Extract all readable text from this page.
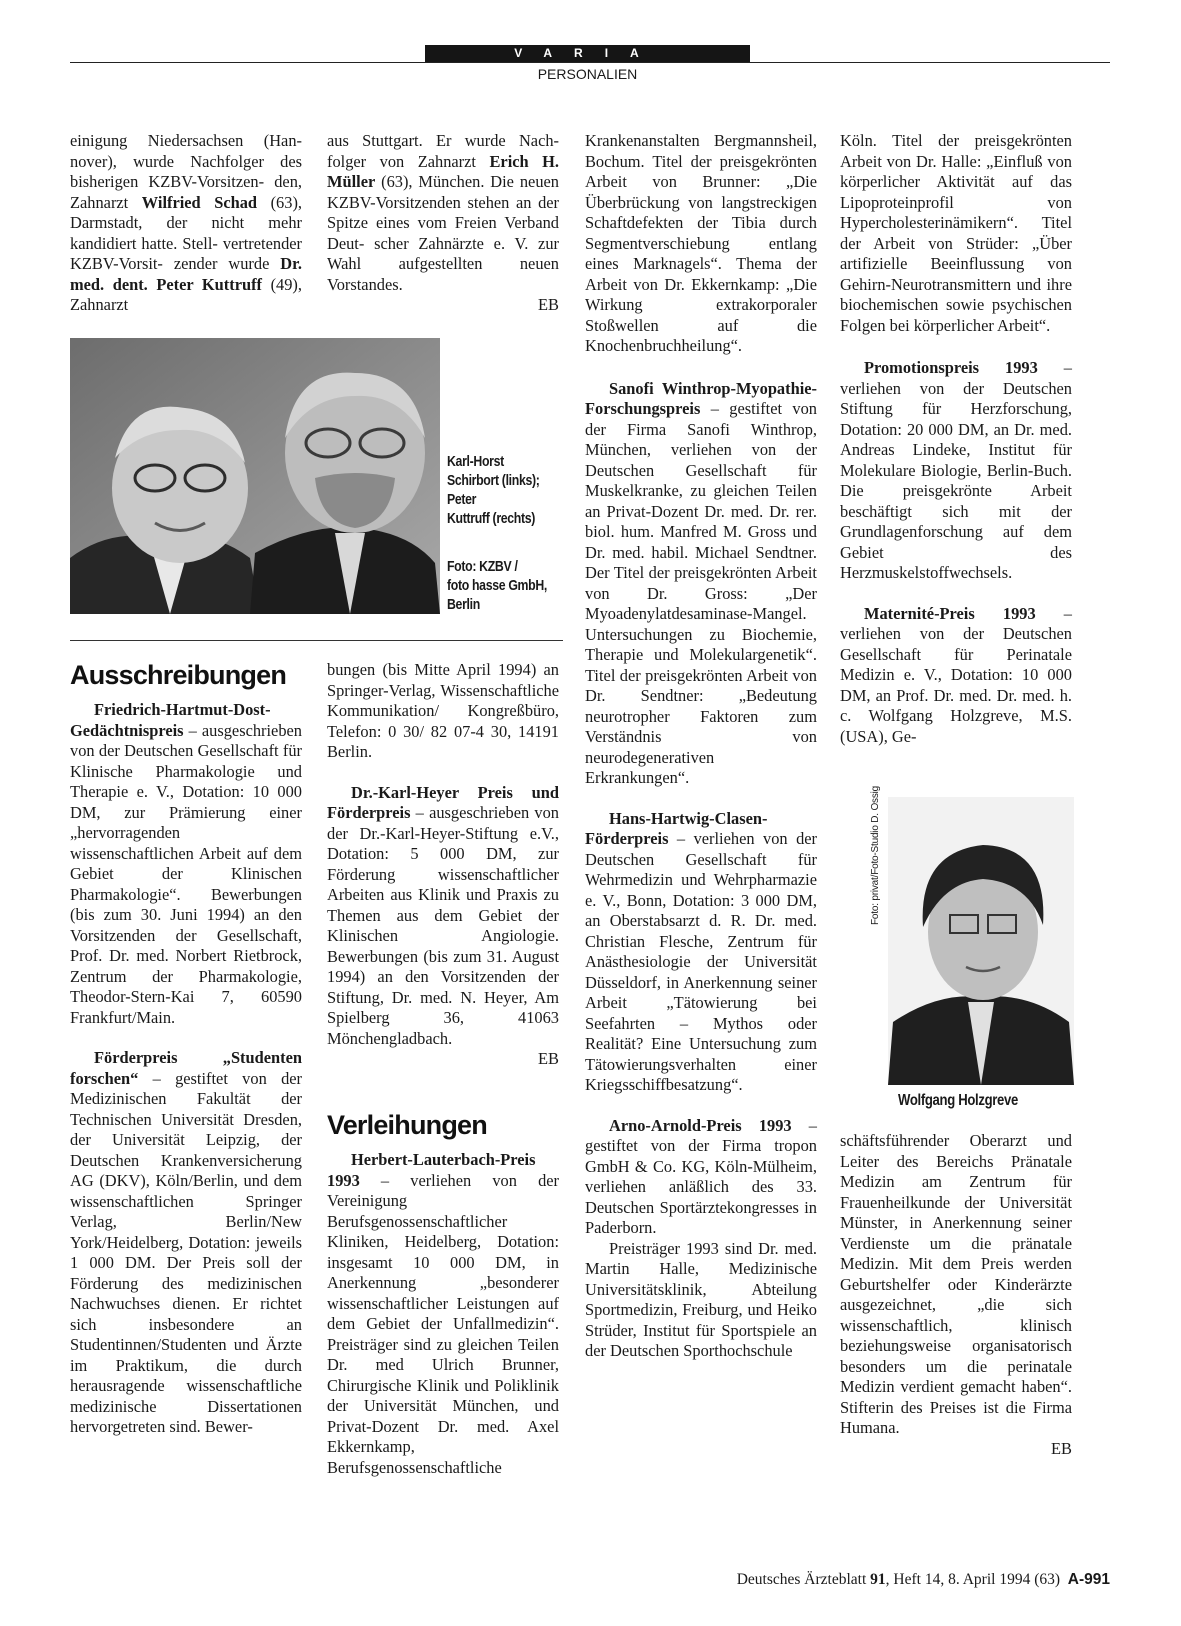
VARIA
PERSONALIEN

einigung Niedersachsen (Han- nover), wurde Nachfolger des bisherigen KZBV-Vorsitzen- den, Zahnarzt Wilfried Schad (63), Darmstadt, der nicht mehr kandidiert hatte. Stell- vertretender KZBV-Vorsit- zender wurde Dr. med. dent. Peter Kuttruff (49), Zahnarzt

aus Stuttgart. Er wurde Nach- folger von Zahnarzt Erich H. Müller (63), München. Die neuen KZBV-Vorsitzenden stehen an der Spitze eines vom Freien Verband Deut- scher Zahnärzte e. V. zur Wahl aufgestellten neuen Vorstandes.

EB

Karl-Horst
Schirbort (links);
Peter
Kuttruff (rechts)
Foto: KZBV /
foto hasse GmbH,
Berlin
Ausschreibungen

Friedrich-Hartmut-Dost-Gedächtnispreis – ausgeschrieben von der Deutschen Gesellschaft für Klinische Pharmakologie und Therapie e. V., Dotation: 10 000 DM, zur Prämierung einer „hervorragenden wissenschaftlichen Arbeit auf dem Gebiet der Klinischen Pharmakologie“. Bewerbungen (bis zum 30. Juni 1994) an den Vorsitzenden der Gesellschaft, Prof. Dr. med. Norbert Rietbrock, Zentrum der Pharmakologie, Theodor-Stern-Kai 7, 60590 Frankfurt/Main.

Förderpreis „Studenten forschen“ – gestiftet von der Medizinischen Fakultät der Technischen Universität Dresden, der Universität Leipzig, der Deutschen Krankenversicherung AG (DKV), Köln/Berlin, und dem wissenschaftlichen Springer Verlag, Berlin/New York/Heidelberg, Dotation: jeweils 1 000 DM. Der Preis soll der Förderung des medizinischen Nachwuchses dienen. Er richtet sich insbesondere an Studentinnen/Studenten und Ärzte im Praktikum, die durch herausragende wissenschaftliche medizinische Dissertationen hervorgetreten sind. Bewer-

bungen (bis Mitte April 1994) an Springer-Verlag, Wissenschaftliche Kommunikation/ Kongreßbüro, Telefon: 0 30/ 82 07-4 30, 14191 Berlin.

Dr.-Karl-Heyer Preis und Förderpreis – ausgeschrieben von der Dr.-Karl-Heyer-Stiftung e.V., Dotation: 5 000 DM, zur Förderung wissenschaftlicher Arbeiten aus Klinik und Praxis zu Themen aus dem Gebiet der Klinischen Angiologie. Bewerbungen (bis zum 31. August 1994) an den Vorsitzenden der Stiftung, Dr. med. N. Heyer, Am Spielberg 36, 41063 Mönchengladbach.

EB

Verleihungen

Herbert-Lauterbach-Preis 1993 – verliehen von der Vereinigung Berufsgenossenschaftlicher Kliniken, Heidelberg, Dotation: insgesamt 10 000 DM, in Anerkennung „besonderer wissenschaftlicher Leistungen auf dem Gebiet der Unfallmedizin“. Preisträger sind zu gleichen Teilen Dr. med Ulrich Brunner, Chirurgische Klinik und Poliklinik der Universität München, und Privat-Dozent Dr. med. Axel Ekkernkamp, Berufsgenossenschaftliche

Krankenanstalten Bergmannsheil, Bochum. Titel der preisgekrönten Arbeit von Brunner: „Die Überbrückung von langstreckigen Schaftdefekten der Tibia durch Segmentverschiebung entlang eines Marknagels“. Thema der Arbeit von Dr. Ekkernkamp: „Die Wirkung extrakorporaler Stoßwellen auf die Knochenbruchheilung“.

Sanofi Winthrop-Myopathie-Forschungspreis – gestiftet von der Firma Sanofi Winthrop, München, verliehen von der Deutschen Gesellschaft für Muskelkranke, zu gleichen Teilen an Privat-Dozent Dr. med. Dr. rer. biol. hum. Manfred M. Gross und Dr. med. habil. Michael Sendtner. Der Titel der preisgekrönten Arbeit von Dr. Gross: „Der Myoadenylatdesaminase-Mangel. Untersuchungen zu Biochemie, Therapie und Molekulargenetik“. Titel der preisgekrönten Arbeit von Dr. Sendtner: „Bedeutung neurotropher Faktoren zum Verständnis von neurodegenerativen Erkrankungen“.

Hans-Hartwig-Clasen-Förderpreis – verliehen von der Deutschen Gesellschaft für Wehrmedizin und Wehrpharmazie e. V., Bonn, Dotation: 3 000 DM, an Oberstabsarzt d. R. Dr. med. Christian Flesche, Zentrum für Anästhesiologie der Universität Düsseldorf, in Anerkennung seiner Arbeit „Tätowierung bei Seefahrten – Mythos oder Realität? Eine Untersuchung zum Tätowierungsverhalten einer Kriegsschiffbesatzung“.

Arno-Arnold-Preis 1993 – gestiftet von der Firma tropon GmbH & Co. KG, Köln-Mülheim, verliehen anläßlich des 33. Deutschen Sportärztekongresses in Paderborn.

Preisträger 1993 sind Dr. med. Martin Halle, Medizinische Universitätsklinik, Abteilung Sportmedizin, Freiburg, und Heiko Strüder, Institut für Sportspiele an der Deutschen Sporthochschule

Köln. Titel der preisgekrönten Arbeit von Dr. Halle: „Einfluß von körperlicher Aktivität auf das Lipoproteinprofil von Hypercholesterinämikern“. Titel der Arbeit von Strüder: „Über artifizielle Beeinflussung von Gehirn-Neurotransmittern und ihre biochemischen sowie psychischen Folgen bei körperlicher Arbeit“.

Promotionspreis 1993 – verliehen von der Deutschen Stiftung für Herzforschung, Dotation: 20 000 DM, an Dr. med. Andreas Lindeke, Institut für Molekulare Biologie, Berlin-Buch. Die preisgekrönte Arbeit beschäftigt sich mit der Grundlagenforschung auf dem Gebiet des Herzmuskelstoffwechsels.

Maternité-Preis 1993 – verliehen von der Deutschen Gesellschaft für Perinatale Medizin e. V., Dotation: 10 000 DM, an Prof. Dr. med. Dr. med. h. c. Wolfgang Holzgreve, M.S. (USA), Ge-

Foto: privat/Foto-Studio D. Ossig
Wolfgang Holzgreve

schäftsführender Oberarzt und Leiter des Bereichs Pränatale Medizin am Zentrum für Frauenheilkunde der Universität Münster, in Anerkennung seiner Verdienste um die pränatale Medizin. Mit dem Preis werden Geburtshelfer oder Kinderärzte ausgezeichnet, „die sich wissenschaftlich, klinisch beziehungsweise organisatorisch besonders um die perinatale Medizin verdient gemacht haben“. Stifterin des Preises ist die Firma Humana.

EB

Deutsches Ärzteblatt 91, Heft 14, 8. April 1994 (63) A-991
